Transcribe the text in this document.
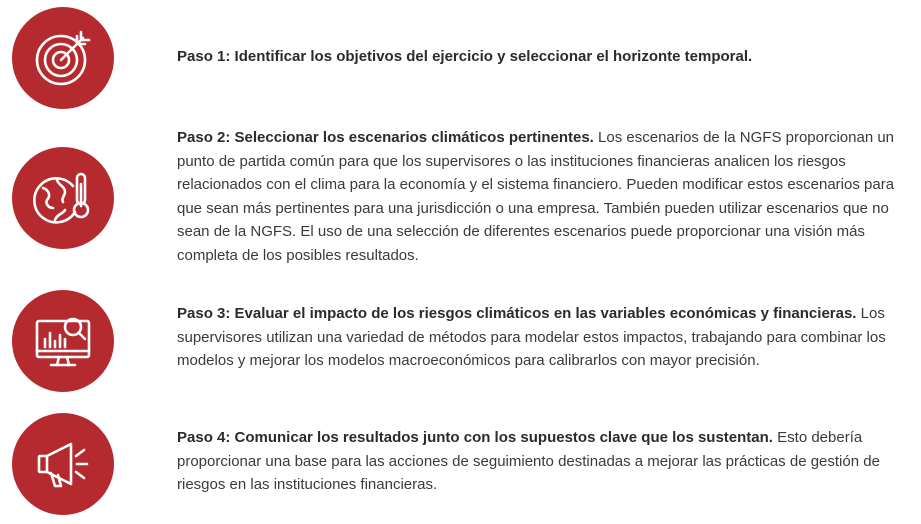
Paso 1: Identificar los objetivos del ejercicio y seleccionar el horizonte temporal.
Paso 2: Seleccionar los escenarios climáticos pertinentes. Los escenarios de la NGFS proporcionan un punto de partida común para que los supervisores o las instituciones financieras analicen los riesgos relacionados con el clima para la economía y el sistema financiero. Pueden modificar estos escenarios para que sean más pertinentes para una jurisdicción o una empresa. También pueden utilizar escenarios que no sean de la NGFS. El uso de una selección de diferentes escenarios puede proporcionar una visión más completa de los posibles resultados.
Paso 3: Evaluar el impacto de los riesgos climáticos en las variables económicas y financieras. Los supervisores utilizan una variedad de métodos para modelar estos impactos, trabajando para combinar los modelos y mejorar los modelos macroeconómicos para calibrarlos con mayor precisión.
Paso 4: Comunicar los resultados junto con los supuestos clave que los sustentan. Esto debería proporcionar una base para las acciones de seguimiento destinadas a mejorar las prácticas de gestión de riesgos en las instituciones financieras.
